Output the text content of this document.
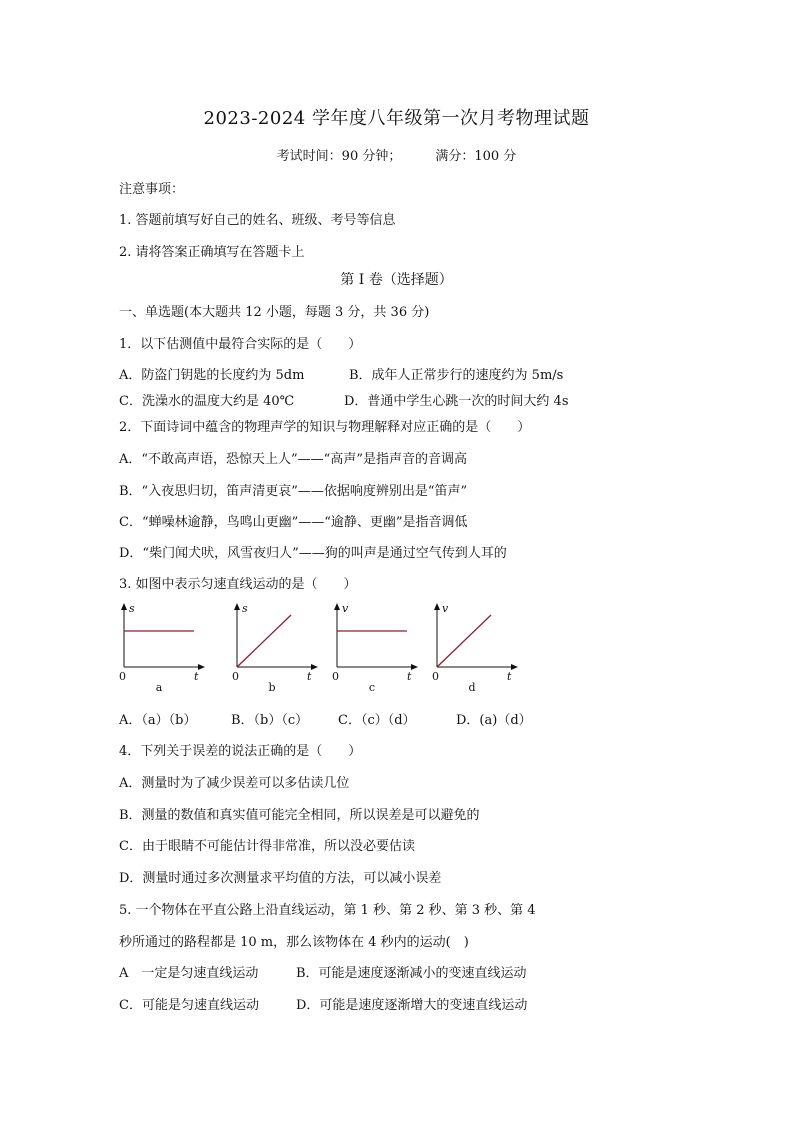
2023-2024 学年度八年级第一次月考物理试题
考试时间：90 分钟；	满分：100 分
注意事项：
1. 答题前填写好自己的姓名、班级、考号等信息
2. 请将答案正确填写在答题卡上
第 I 卷（选择题）
一、单选题(本大题共 12 小题，每题 3 分，共 36 分)
1．以下估测值中最符合实际的是（　　）
A．防盗门钥匙的长度约为 5dm	B．成年人正常步行的速度约为 5m/s
C．洗澡水的温度大约是 40℃	D．普通中学生心跳一次的时间大约 4s
2．下面诗词中蕴含的物理声学的知识与物理解释对应正确的是（　　）
A．“不敢高声语，恐惊天上人”——“高声”是指声音的音调高
B．“入夜思归切，笛声清更哀”——依据响度辨别出是“笛声”
C．“蝉噪林逾静，鸟鸣山更幽”——“逾静、更幽”是指音调低
D．“柴门闻犬吠，风雪夜归人”——狗的叫声是通过空气传到人耳的
3. 如图中表示匀速直线运动的是（　　）
s
t
0
a
s
t
0
b
v
t
0
c
v
t
0
d
A．（a）（b）	B．（b）（c） C．（c）（d）	D．(a)（d）
4．下列关于误差的说法正确的是（　　）
A．测量时为了减少误差可以多估读几位
B．测量的数值和真实值可能完全相同，所以误差是可以避免的
C．由于眼睛不可能估计得非常准，所以没必要估读
D．测量时通过多次测量求平均值的方法，可以减小误差
5. 一个物体在平直公路上沿直线运动，第 1 秒、第 2 秒、第 3 秒、第 4
秒所通过的路程都是 10 m，那么该物体在 4 秒内的运动(　)
A　一定是匀速直线运动	B．可能是速度逐渐减小的变速直线运动
C．可能是匀速直线运动	D．可能是速度逐渐增大的变速直线运动
